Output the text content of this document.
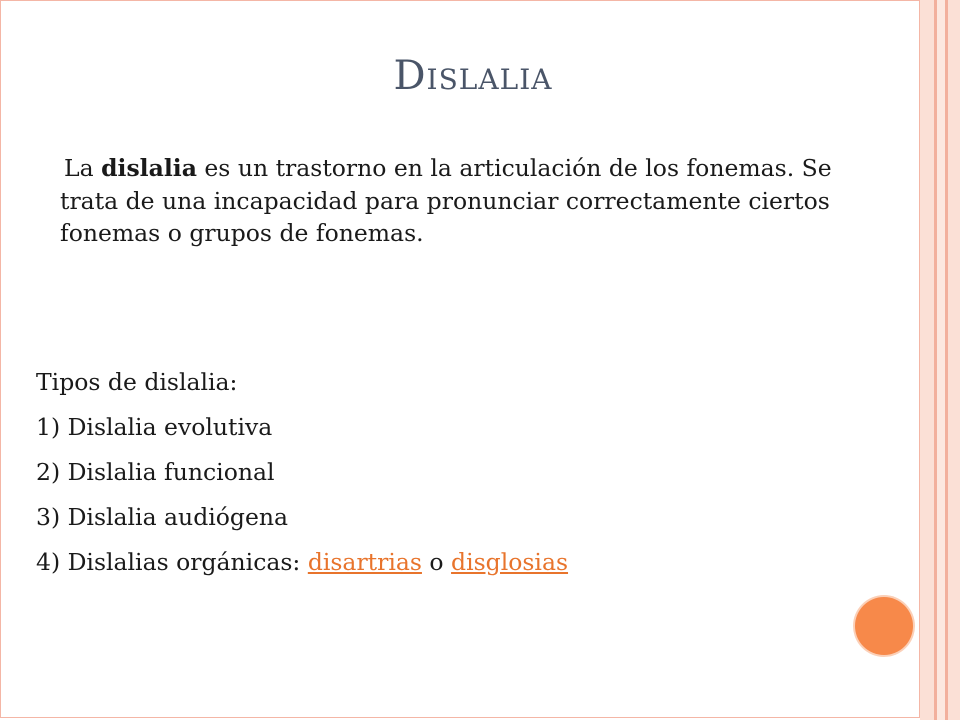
Dislalia
La dislalia es un trastorno en la articulación de los fonemas. Se trata de una incapacidad para pronunciar correctamente ciertos fonemas o grupos de fonemas.
Tipos de dislalia:
1) Dislalia evolutiva
2) Dislalia funcional
3) Dislalia audiógena
4) Dislalias orgánicas: disartrias o disglosias
